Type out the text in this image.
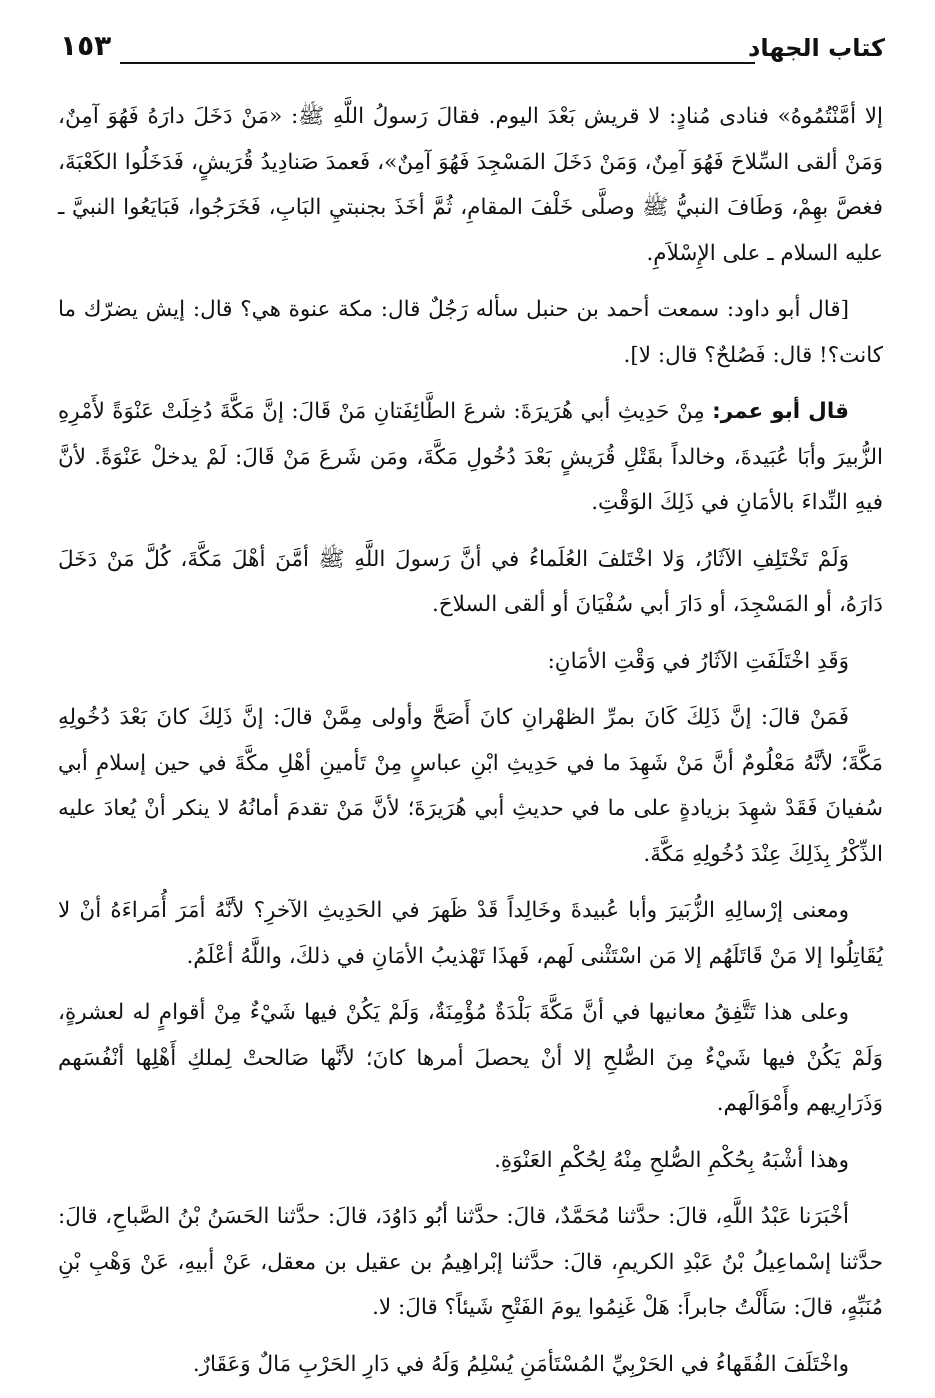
كتاب الجهاد
١٥٣

إلا أمَّنْتُمُوهُ» فنادى مُنادٍ: لا قريش بَعْدَ اليوم. فقالَ رَسولُ اللَّهِ ﷺ: «مَنْ دَخَلَ دارَهُ فَهُوَ آمِنٌ، وَمَنْ ألقى السِّلاحَ فَهُوَ آمِنٌ، وَمَنْ دَخَلَ المَسْجِدَ فَهُوَ آمِنٌ»، فَعمدَ صَنادِيدُ قُرَيشٍ، فَدَخَلُوا الكَعْبَةَ، فغصَّ بهِمْ، وَطَافَ النبيُّ ﷺ وصلَّى خَلْفَ المقامِ، ثُمَّ أخَذَ بجنبتيِ البَابِ، فَخَرَجُوا، فَبَايَعُوا النبيَّ ـ عليه السلام ـ على الإِسْلاَمِ.

[قال أبو داود: سمعت أحمد بن حنبل سأله رَجُلٌ قال: مكة عنوة هي؟ قال: إيش يضرّك ما كانت؟! قال: فَصُلحٌ؟ قال: لا].

قال أبو عمر: مِنْ حَدِيثِ أبي هُرَيرَةَ: شرعَ الطَّائِفَتانِ مَنْ قَالَ: إنَّ مَكَّةَ دُخِلَتْ عَنْوَةً لأَمْرِهِ الزُّبيرَ وأبَا عُبَيدةَ، وخالداً بقَتْلِ قُرَيشٍ بَعْدَ دُخُولِ مَكَّةَ، ومَن شَرعَ مَنْ قَالَ: لَمْ يدخلْ عَنْوَةً. لأنَّ فيهِ النِّداءَ بالأمَانِ في ذَلِكَ الوَقْتِ.

وَلَمْ تَخْتَلِفِ الآثَارُ، وَلا اخْتَلفَ العُلَماءُ في أنَّ رَسولَ اللَّهِ ﷺ أمَّنَ أهْلَ مَكَّةَ، كُلَّ مَنْ دَخَلَ دَارَهُ، أو المَسْجِدَ، أو دَارَ أبي سُفْيَانَ أو ألقى السلاحَ.

وَقَدِ اخْتَلَفَتِ الآثَارُ في وَقْتِ الأمَانِ:

فَمَنْ قالَ: إنَّ ذَلِكَ كَانَ بمرِّ الظهْرانِ كانَ أَصَحَّ وأولى مِمَّنْ قالَ: إنَّ ذَلِكَ كانَ بَعْدَ دُخُولِهِ مَكَّةَ؛ لأنَّهُ مَعْلُومٌ أنَّ مَنْ شَهِدَ ما في حَدِيثِ ابْنِ عباسٍ مِنْ تَأمينِ أهْلِ مكَّةَ في حين إسلامِ أبي سُفيانَ فَقَدْ شهِدَ بزيادةٍ على ما في حديثِ أبي هُرَيرَةَ؛ لأنَّ مَنْ تقدمَ أمانُهُ لا ينكر أنْ يُعادَ عليه الذِّكْرُ بِذَلِكَ عِنْدَ دُخُولِهِ مَكَّةَ.

ومعنى إرْسالِهِ الزُّبَيرَ وأبا عُبيدةَ وخَالِداً قَدْ ظَهرَ في الحَدِيثِ الآخرِ؟ لأنَّهُ أمَرَ أُمَراءَهُ أنْ لا يُقَاتِلُوا إلا مَنْ قَاتَلَهُم إلا مَن اسْتَثْنى لَهم، فَهذَا تَهْذيبُ الأمَانِ في ذلكَ، واللَّهُ أعْلَمُ.

وعلى هذا تَتَّفِقُ معانيها في أنَّ مَكَّةَ بَلْدَةٌ مُؤْمِنَةٌ، وَلَمْ يَكُنْ فيها شَيْءٌ مِنْ أقوامٍ له لعشرةٍ، وَلَمْ يَكُنْ فيها شَيْءٌ مِنَ الصُّلحِ إلا أنْ يحصلَ أمرها كانَ؛ لأنَّها صَالحتْ لِملكِ أَهْلِها أنْفُسَهم وَذَرَارِيهم وأَمْوَالَهم.

وهذا أشْبَهُ بِحُكْمِ الصُّلحِ مِنْهُ لِحُكْمِ العَنْوَةِ.

أخْبَرَنا عَبْدُ اللَّهِ، قالَ: حدَّثنا مُحَمَّدٌ، قالَ: حدَّثنا أبُو دَاوُدَ، قالَ: حدَّثنا الحَسَنُ بْنُ الصَّباحِ، قالَ: حدَّثنا إسْماعِيلُ بْنُ عَبْدِ الكريمِ، قالَ: حدَّثنا إبْراهِيمُ بن عقيل بن معقل، عَنْ أبيهِ، عَنْ وَهْبِ بْنِ مُنَبِّهٍ، قالَ: سَأَلْتُ جابراً: هَلْ غَنِمُوا يومَ الفَتْحِ شَيئاً؟ قالَ: لا.

واخْتَلَفَ الفُقَهاءُ في الحَرْبِيِّ المُسْتَأمَنِ يُسْلِمُ وَلَهُ في دَارِ الحَرْبِ مَالٌ وَعَقَارٌ.
